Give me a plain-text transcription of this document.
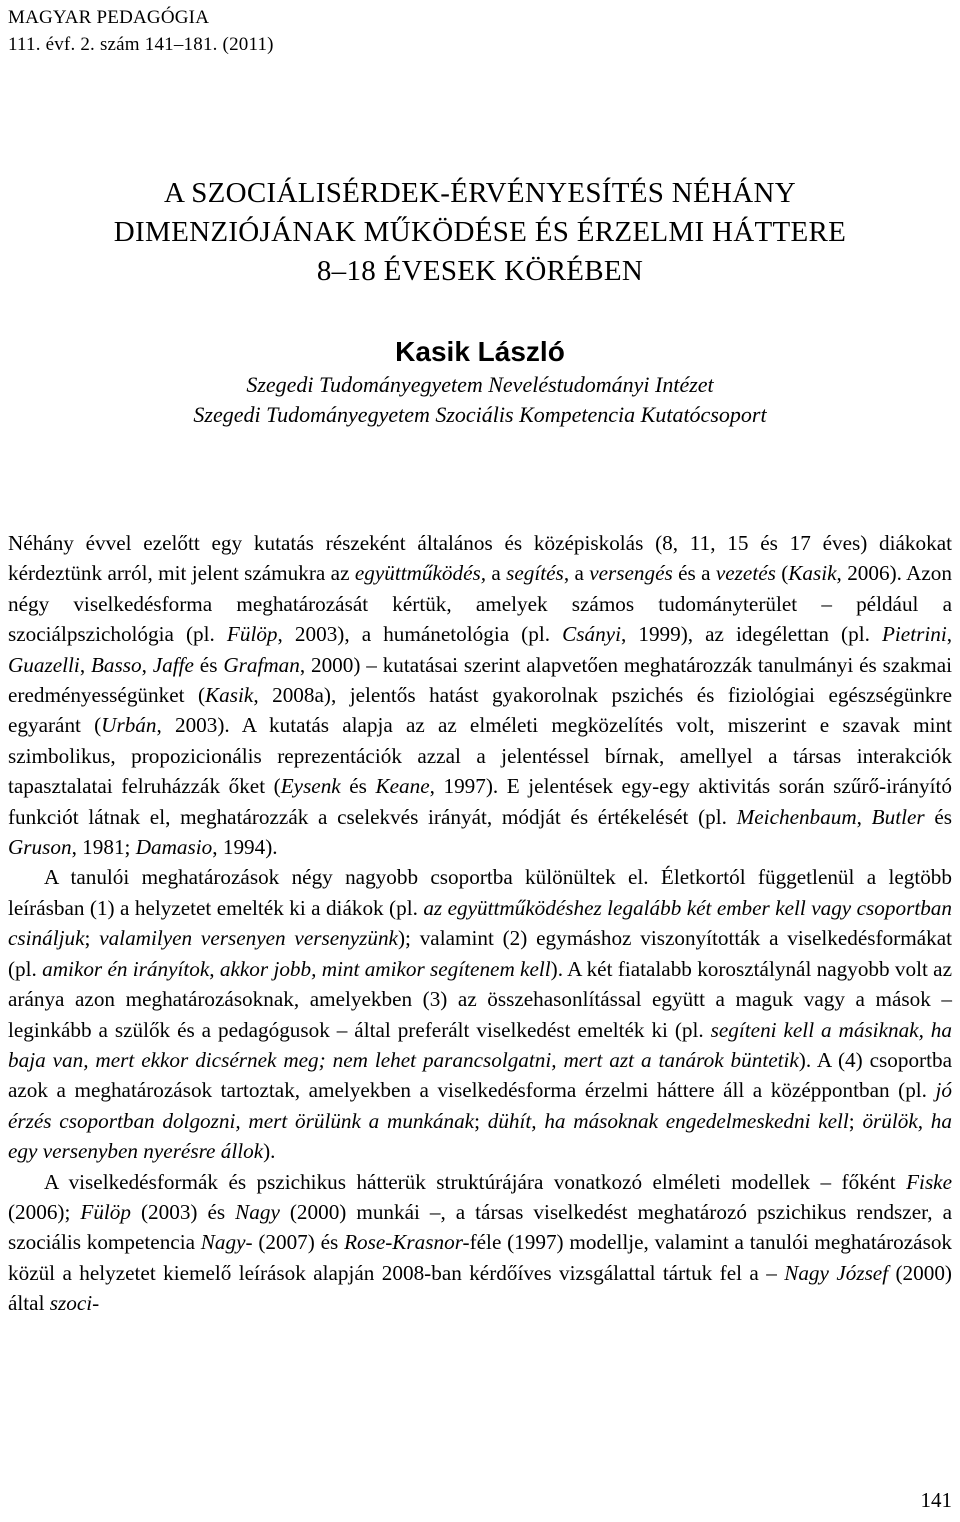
MAGYAR PEDAGÓGIA
111. évf. 2. szám 141–181. (2011)
A SZOCIÁLISÉRDEK-ÉRVÉNYESÍTÉS NÉHÁNY
DIMENZIÓJÁNAK MŰKÖDÉSE ÉS ÉRZELMI HÁTTERE
8–18 ÉVESEK KÖRÉBEN
Kasik László
Szegedi Tudományegyetem Neveléstudományi Intézet
Szegedi Tudományegyetem Szociális Kompetencia Kutatócsoport

Néhány évvel ezelőtt egy kutatás részeként általános és középiskolás (8, 11, 15 és 17 éves) diákokat kérdeztünk arról, mit jelent számukra az együttműködés, a segítés, a versengés és a vezetés (Kasik, 2006). Azon négy viselkedésforma meghatározását kértük, amelyek számos tudományterület – például a szociálpszichológia (pl. Fülöp, 2003), a humánetológia (pl. Csányi, 1999), az idegélettan (pl. Pietrini, Guazelli, Basso, Jaffe és Grafman, 2000) – kutatásai szerint alapvetően meghatározzák tanulmányi és szakmai eredményességünket (Kasik, 2008a), jelentős hatást gyakorolnak pszichés és fiziológiai egészségünkre egyaránt (Urbán, 2003). A kutatás alapja az az elméleti megközelítés volt, miszerint e szavak mint szimbolikus, propozicionális reprezentációk azzal a jelentéssel bírnak, amellyel a társas interakciók tapasztalatai felruházzák őket (Eysenk és Keane, 1997). E jelentések egy-egy aktivitás során szűrő-irányító funkciót látnak el, meghatározzák a cselekvés irányát, módját és értékelését (pl. Meichenbaum, Butler és Gruson, 1981; Damasio, 1994).

A tanulói meghatározások négy nagyobb csoportba különültek el. Életkortól függetlenül a legtöbb leírásban (1) a helyzetet emelték ki a diákok (pl. az együttműködéshez legalább két ember kell vagy csoportban csináljuk; valamilyen versenyen versenyzünk); valamint (2) egymáshoz viszonyították a viselkedésformákat (pl. amikor én irányítok, akkor jobb, mint amikor segítenem kell). A két fiatalabb korosztálynál nagyobb volt az aránya azon meghatározásoknak, amelyekben (3) az összehasonlítással együtt a maguk vagy a mások – leginkább a szülők és a pedagógusok – által preferált viselkedést emelték ki (pl. segíteni kell a másiknak, ha baja van, mert ekkor dicsérnek meg; nem lehet parancsolgatni, mert azt a tanárok büntetik). A (4) csoportba azok a meghatározások tartoztak, amelyekben a viselkedésforma érzelmi háttere áll a középpontban (pl. jó érzés csoportban dolgozni, mert örülünk a munkának; dühít, ha másoknak engedelmeskedni kell; örülök, ha egy versenyben nyerésre állok).

A viselkedésformák és pszichikus hátterük struktúrájára vonatkozó elméleti modellek – főként Fiske (2006); Fülöp (2003) és Nagy (2000) munkái –, a társas viselkedést meghatározó pszichikus rendszer, a szociális kompetencia Nagy- (2007) és Rose-Krasnor-féle (1997) modellje, valamint a tanulói meghatározások közül a helyzetet kiemelő leírások alapján 2008-ban kérdőíves vizsgálattal tártuk fel a – Nagy József (2000) által szoci-

141
